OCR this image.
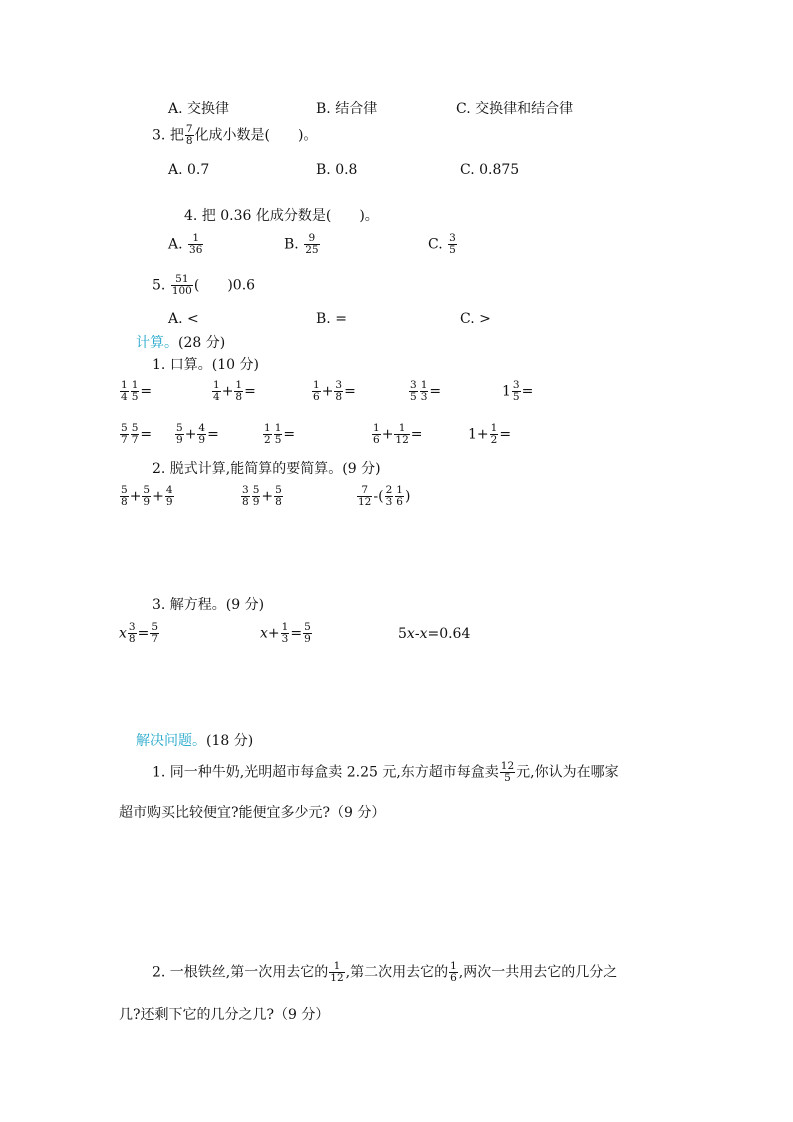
A. 交换律	B. 结合律	C. 交换律和结合律
3. 把 $\frac{7}{8}$ 化成小数是(　　)。
A. 0.7	B. 0.8	C. 0.875
4. 把 0.36 化成分数是(　　)。
A. $\frac{1}{36}$	B. $\frac{9}{25}$	C. $\frac{3}{5}$
5. $\frac{51}{100}$ (　　)0.6
A. <	B. =	C. >
计算。(28 分)
1. 口算。(10 分)
$\frac{1}{4} \frac{1}{5}$ =	$\frac{1}{4} + \frac{1}{8}$ =	$\frac{1}{6} + \frac{3}{8}$ =	$\frac{3}{5} \frac{1}{3}$ =	$1 \frac{3}{5}$ =
$\frac{5}{7} \frac{5}{7} = \frac{5}{9} + \frac{4}{9}$ =	$\frac{1}{2} \frac{1}{5}$ =	$\frac{1}{6} + \frac{1}{12}$ =	$1+ \frac{1}{2}$ =
2. 脱式计算,能简算的要简算。(9 分)
$\frac{5}{8} + \frac{5}{9} + \frac{4}{9}$	$\frac{3}{8} \frac{5}{9} + \frac{5}{8}$	$\frac{7}{12}$ -( $\frac{2}{3} \frac{1}{6}$ )
3. 解方程。(9 分)
x $\frac{3}{8} = \frac{5}{7}$	$x+ \frac{1}{3} = \frac{5}{9}$	5x-x=0.64
解决问题。(18 分)
1. 同一种牛奶,光明超市每盒卖 2.25 元,东方超市每盒卖 $\frac{12}{5}$ 元,你认为在哪家
超市购买比较便宜?能便宜多少元?（9 分）
2. 一根铁丝,第一次用去它的 $\frac{1}{12}$ ,第二次用去它的 $\frac{1}{6}$ ,两次一共用去它的几分之
几?还剩下它的几分之几?（9 分）
